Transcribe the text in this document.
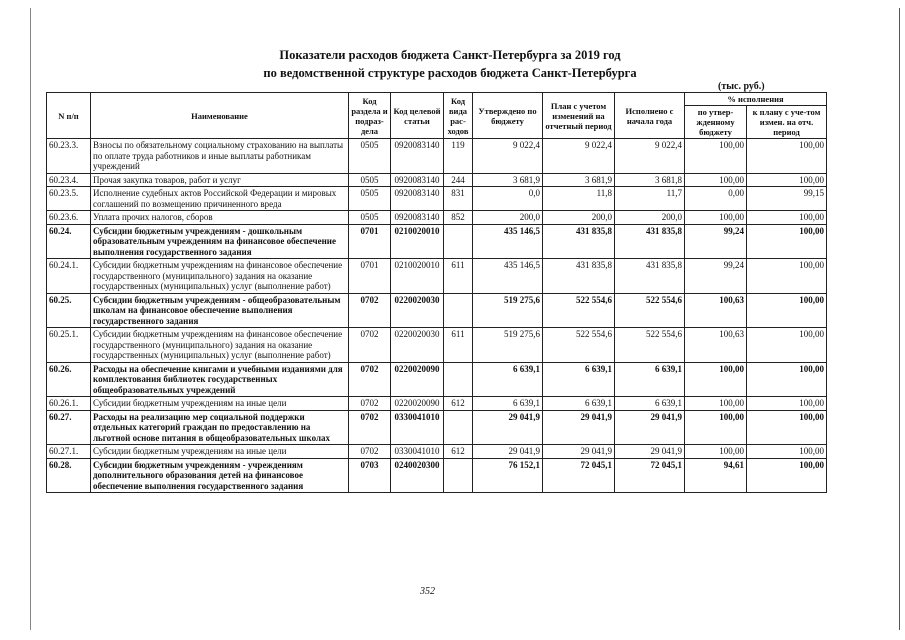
Показатели расходов бюджета Санкт-Петербурга за 2019 год
по ведомственной структуре расходов бюджета Санкт-Петербурга
(тыс. руб.)
N п/п	Наименование	Код раздела и подраз-дела	Код целевой статьи	Код вида рас-ходов	Утверждено по бюджету	План с учетом изменений на отчетный период	Исполнено с начала года	% исполнения	
								по утвер-жденному бюджету	к плану с уче-том измен. на отч. период
60.23.3.	Взносы по обязательному социальному страхованию на выплаты по оплате труда работников и иные выплаты работникам учреждений	0505	0920083140	119	9 022,4	9 022,4	9 022,4	100,00	100,00
60.23.4.	Прочая закупка товаров, работ и услуг	0505	0920083140	244	3 681,9	3 681,9	3 681,8	100,00	100,00
60.23.5.	Исполнение судебных актов Российской Федерации и мировых соглашений по возмещению причиненного вреда	0505	0920083140	831	0,0	11,8	11,7	0,00	99,15
60.23.6.	Уплата прочих налогов, сборов	0505	0920083140	852	200,0	200,0	200,0	100,00	100,00
60.24.	Субсидии бюджетным учреждениям - дошкольным образовательным учреждениям на финансовое обеспечение выполнения государственного задания	0701	0210020010		435 146,5	431 835,8	431 835,8	99,24	100,00
60.24.1.	Субсидии бюджетным учреждениям на финансовое обеспечение государственного (муниципального) задания на оказание государственных (муниципальных) услуг (выполнение работ)	0701	0210020010	611	435 146,5	431 835,8	431 835,8	99,24	100,00
60.25.	Субсидии бюджетным учреждениям - общеобразовательным школам на финансовое обеспечение выполнения государственного задания	0702	0220020030		519 275,6	522 554,6	522 554,6	100,63	100,00
60.25.1.	Субсидии бюджетным учреждениям на финансовое обеспечение государственного (муниципального) задания на оказание государственных (муниципальных) услуг (выполнение работ)	0702	0220020030	611	519 275,6	522 554,6	522 554,6	100,63	100,00
60.26.	Расходы на обеспечение книгами и учебными изданиями для комплектования библиотек государственных общеобразовательных учреждений	0702	0220020090		6 639,1	6 639,1	6 639,1	100,00	100,00
60.26.1.	Субсидии бюджетным учреждениям на иные цели	0702	0220020090	612	6 639,1	6 639,1	6 639,1	100,00	100,00
60.27.	Расходы на реализацию мер социальной поддержки отдельных категорий граждан по предоставлению на льготной основе питания в общеобразовательных школах	0702	0330041010		29 041,9	29 041,9	29 041,9	100,00	100,00
60.27.1.	Субсидии бюджетным учреждениям на иные цели	0702	0330041010	612	29 041,9	29 041,9	29 041,9	100,00	100,00
60.28.	Субсидии бюджетным учреждениям - учреждениям дополнительного образования детей на финансовое обеспечение выполнения государственного задания	0703	0240020300		76 152,1	72 045,1	72 045,1	94,61	100,00
352
